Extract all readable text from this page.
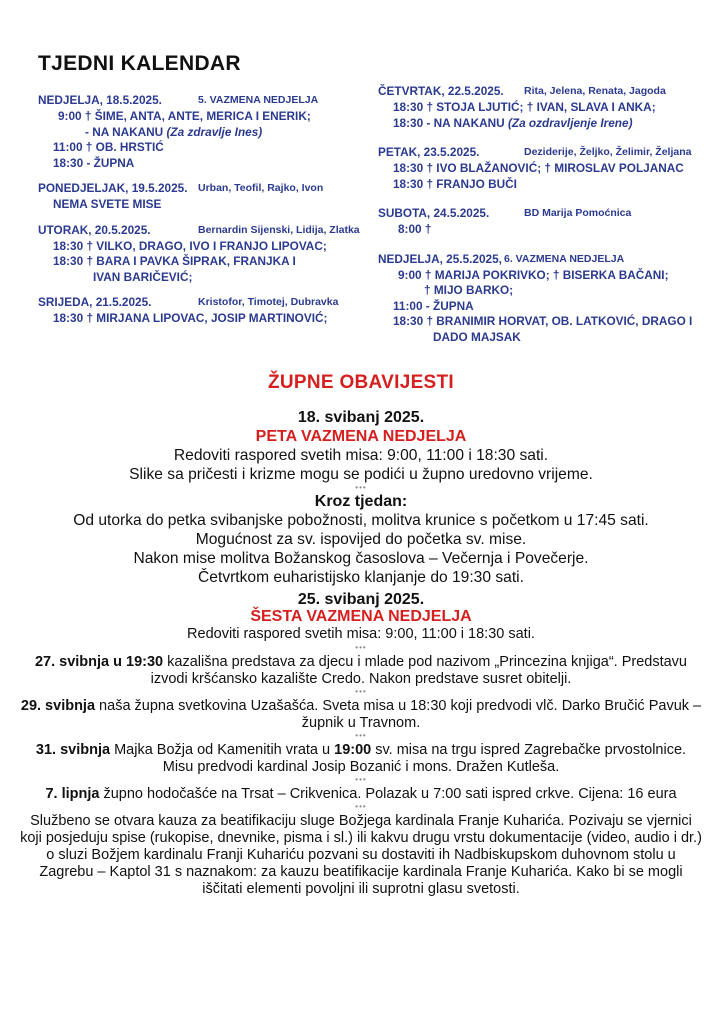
TJEDNI KALENDAR
NEDJELJA, 18.5.2025.	5. VAZMENA NEDJELJA
9:00 † ŠIME, ANTA, ANTE, MERICA I ENERIK;
- NA NAKANU (Za zdravlje Ines)
11:00 † OB. HRSTIĆ
18:30 - ŽUPNA
PONEDJELJAK, 19.5.2025. Urban, Teofil, Rajko, Ivon
NEMA SVETE MISE
UTORAK, 20.5.2025.	Bernardin Sijenski, Lidija, Zlatka
18:30 † VILKO, DRAGO, IVO I FRANJO LIPOVAC;
18:30 † BARA I PAVKA ŠIPRAK, FRANJKA I
IVAN BARIČEVIĆ;
SRIJEDA, 21.5.2025.	Kristofor, Timotej, Dubravka
18:30 † MIRJANA LIPOVAC, JOSIP MARTINOVIĆ;
ČETVRTAK, 22.5.2025. Rita, Jelena, Renata, Jagoda
18:30 † STOJA LJUTIĆ; † IVAN, SLAVA I ANKA;
18:30 - NA NAKANU (Za ozdravljenje Irene)
PETAK, 23.5.2025.	Deziderije, Željko, Želimir, Željana
18:30 † IVO BLAŽANOVIĆ; † MIROSLAV POLJANAC
18:30 † FRANJO BUČI
SUBOTA, 24.5.2025.	BD Marija Pomoćnica
8:00 †
NEDJELJA, 25.5.2025, 6. VAZMENA NEDJELJA
9:00 † MARIJA POKRIVKO; † BISERKA BAČANI;
† MIJO BARKO;
11:00 - ŽUPNA
18:30 † BRANIMIR HORVAT, OB. LATKOVIĆ, DRAGO I
DADO MAJSAK
ŽUPNE OBAVIJESTI

18. svibanj 2025.

PETA VAZMENA NEDJELJA

Redoviti raspored svetih misa: 9:00, 11:00 i 18:30 sati.

Slike sa pričesti i krizme mogu se podići u župno uredovno vrijeme.

•••

Kroz tjedan:

Od utorka do petka svibanjske pobožnosti, molitva krunice s početkom u 17:45 sati.

Mogućnost za sv. ispovijed do početka sv. mise.

Nakon mise molitva Božanskog časoslova – Večernja i Povečerje.

Četvrtkom euharistijsko klanjanje do 19:30 sati.

25. svibanj 2025.

ŠESTA VAZMENA NEDJELJA

Redoviti raspored svetih misa: 9:00, 11:00 i 18:30 sati.

•••

27. svibnja u 19:30 kazališna predstava za djecu i mlade pod nazivom „Princezina knjiga“. Predstavu izvodi kršćansko kazalište Credo. Nakon predstave susret obitelji.

•••

29. svibnja naša župna svetkovina Uzašašća. Sveta misa u 18:30 koji predvodi vlč. Darko Bručić Pavuk – župnik u Travnom.

•••

31. svibnja Majka Božja od Kamenitih vrata u 19:00 sv. misa na trgu ispred Zagrebačke prvostolnice. Misu predvodi kardinal Josip Bozanić i mons. Dražen Kutleša.

•••

7. lipnja župno hodočašće na Trsat – Crikvenica. Polazak u 7:00 sati ispred crkve. Cijena: 16 eura

•••

Službeno se otvara kauza za beatifikaciju sluge Božjega kardinala Franje Kuharića. Pozivaju se vjernici koji posjeduju spise (rukopise, dnevnike, pisma i sl.) ili kakvu drugu vrstu dokumentacije (video, audio i dr.) o sluzi Božjem kardinalu Franji Kuhariću pozvani su dostaviti ih Nadbiskupskom duhovnom stolu u Zagrebu – Kaptol 31 s naznakom: za kauzu beatifikacije kardinala Franje Kuharića. Kako bi se mogli iščitati elementi povoljni ili suprotni glasu svetosti.
